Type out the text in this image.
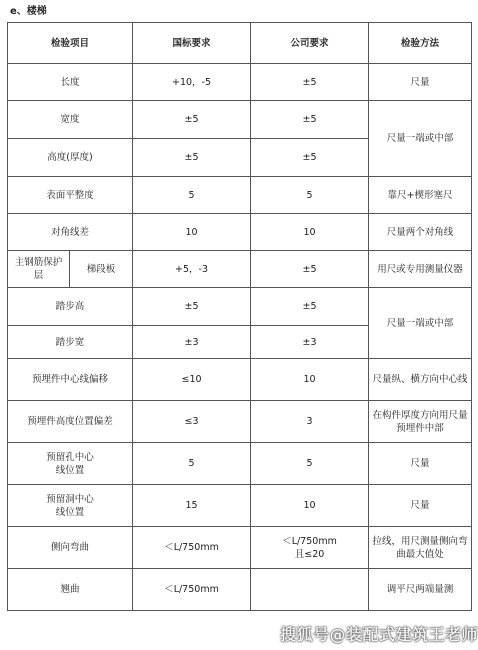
e、楼梯
检验项目		国标要求	公司要求	检验方法
长度		+10，-5	±5	尺量
宽度		±5	±5	尺量一端或中部
高度(厚度)		±5	±5	
表面平整度		5	5	靠尺+楔形塞尺
对角线差		10	10	尺量两个对角线
主钢筋保护层	梯段板	+5，-3	±5	用尺或专用测量仪器
踏步高		±5	±5	尺量一端或中部
踏步宽		±3	±3	
预埋件中心线偏移		≤10	10	尺量纵、横方向中心线
预埋件高度位置偏差		≤3	3	在构件厚度方向用尺量预埋件中部

预留孔中心线位置		5	5	尺量

预留洞中心线位置		15	10	尺量
侧向弯曲		＜L/750mm	＜L/750mm 且≤20	拉线，用尺测量侧向弯曲最大值处
翘曲		＜L/750mm		调平尺两端量测
搜狐号@装配式建筑王老师
